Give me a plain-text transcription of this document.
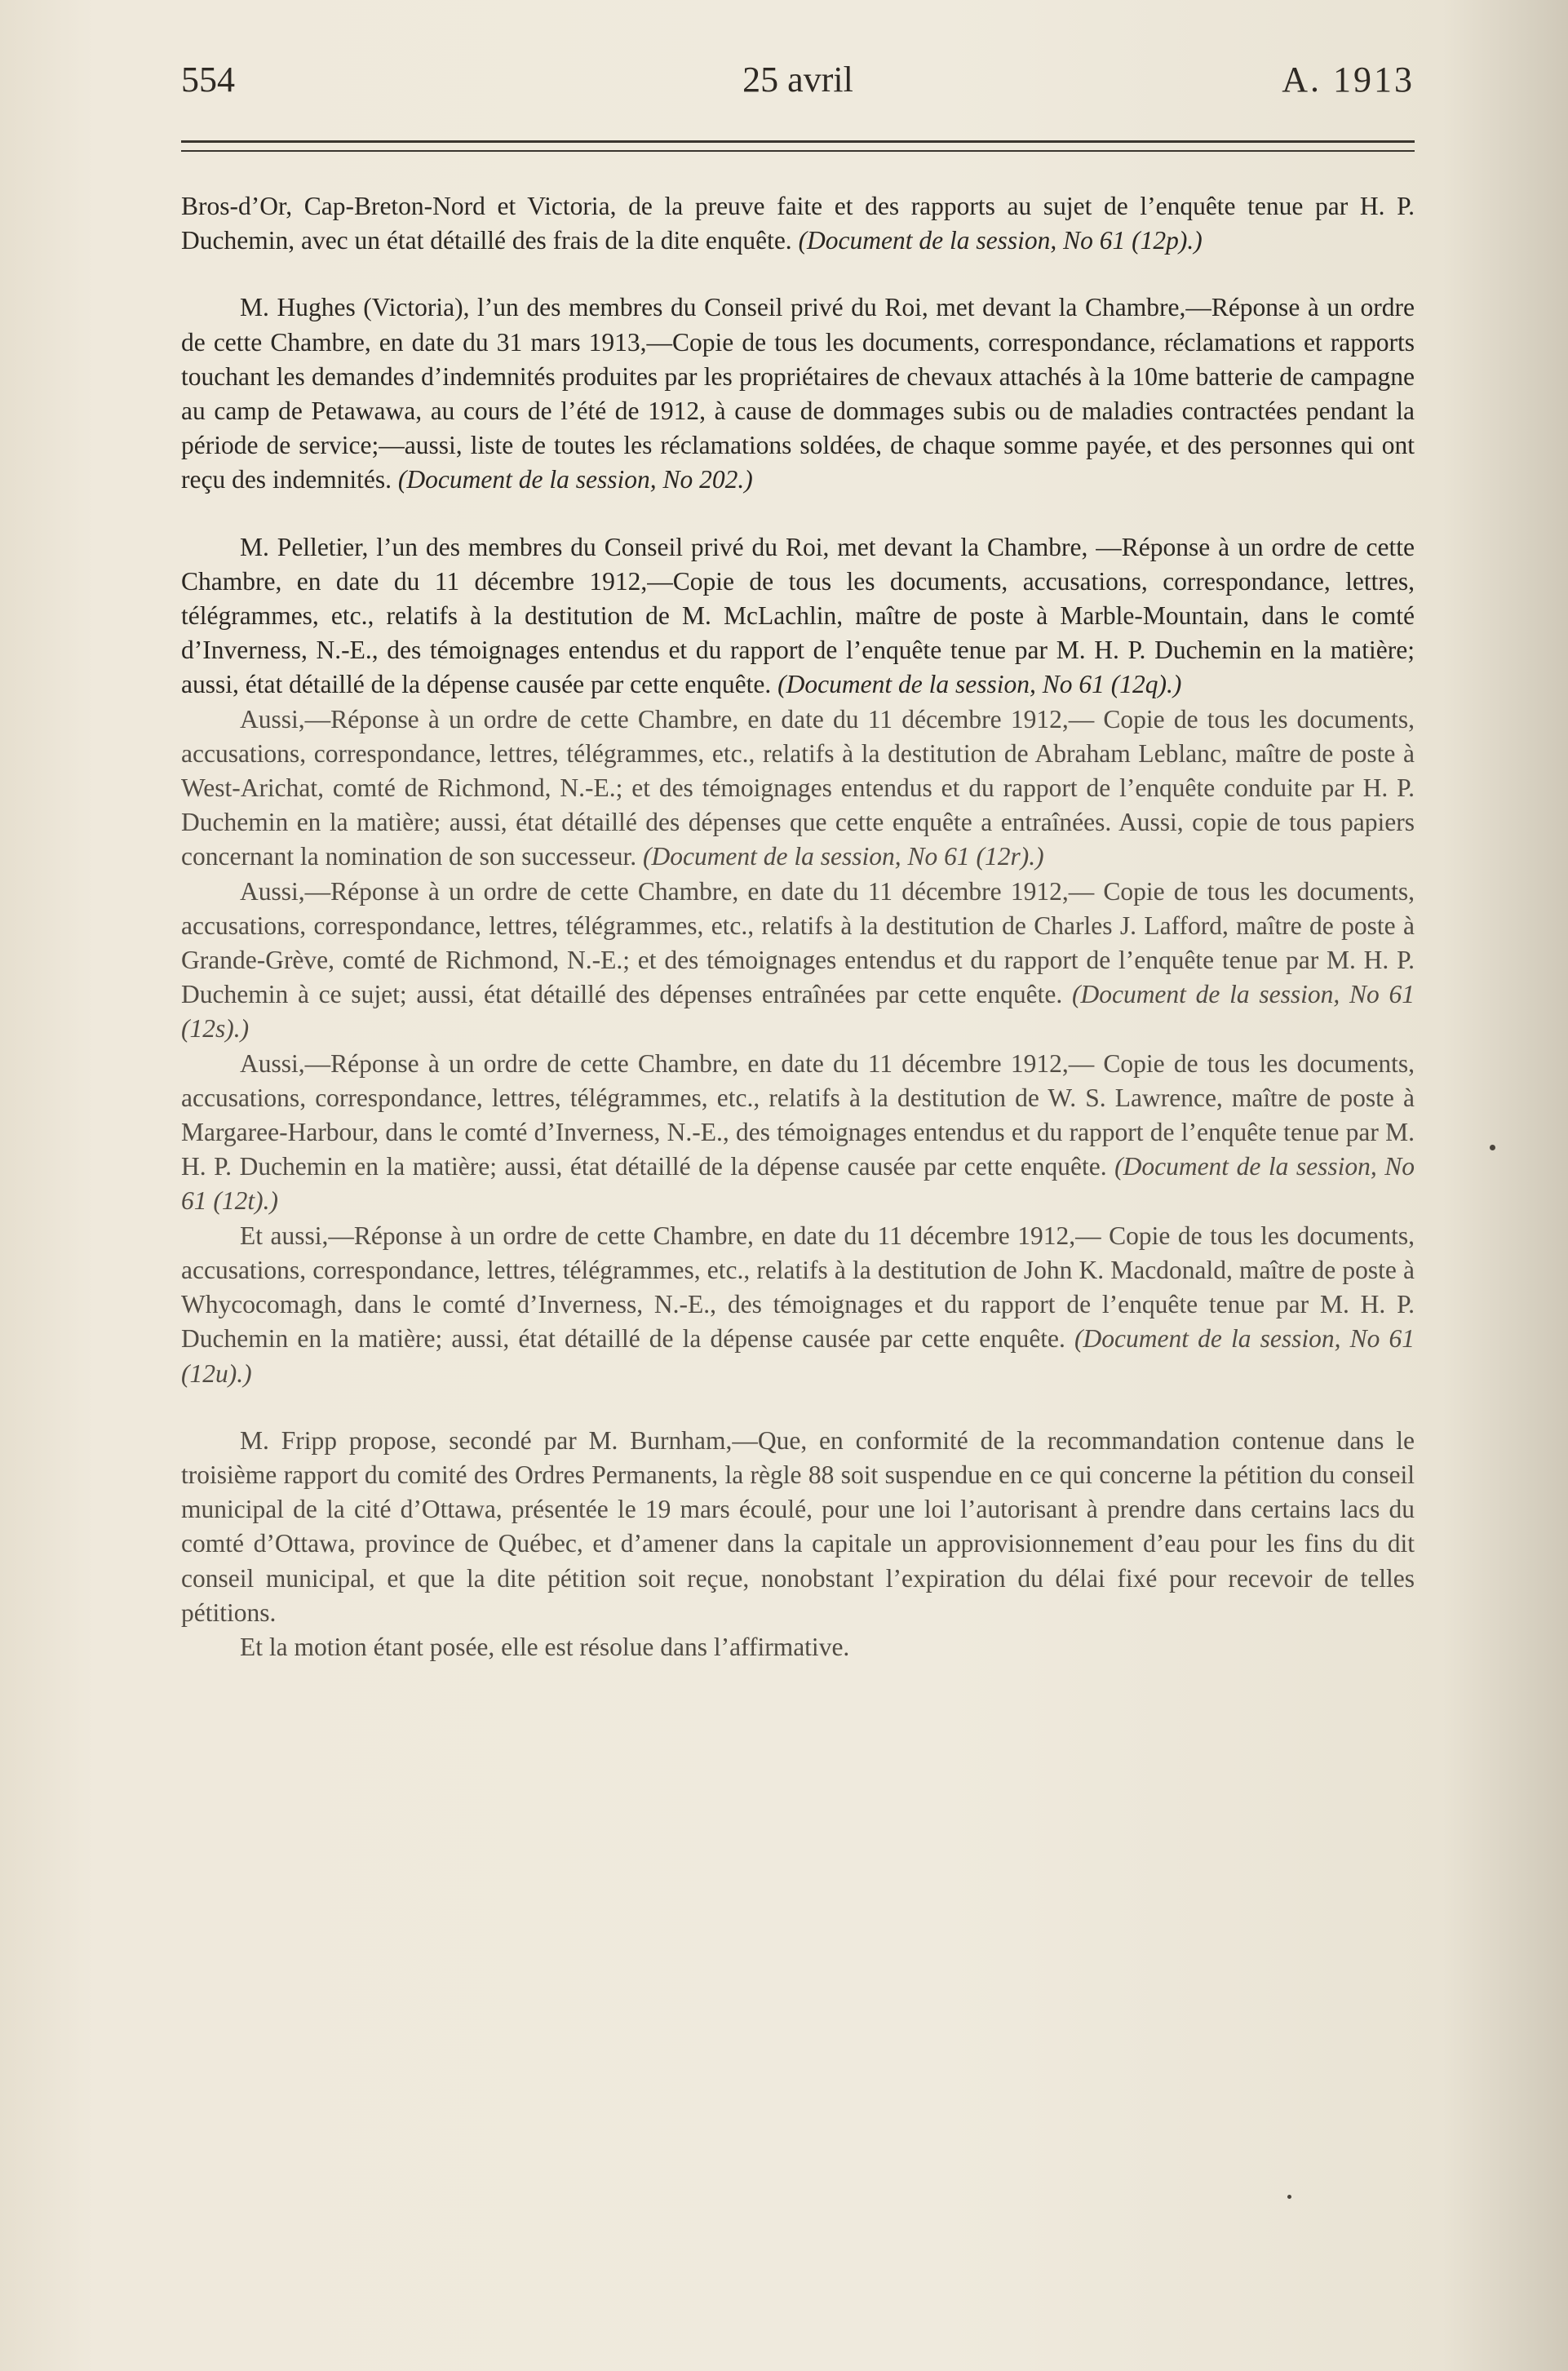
25 avril
554	A. 1913

Bros-d’Or, Cap-Breton-Nord et Victoria, de la preuve faite et des rapports au sujet de l’enquête tenue par H. P. Duchemin, avec un état détaillé des frais de la dite enquête. (Document de la session, No 61 (12p).)

M. Hughes (Victoria), l’un des membres du Conseil privé du Roi, met devant la Chambre,—Réponse à un ordre de cette Chambre, en date du 31 mars 1913,—Copie de tous les documents, correspondance, réclamations et rapports touchant les demandes d’indemnités produites par les propriétaires de chevaux attachés à la 10me batterie de campagne au camp de Petawawa, au cours de l’été de 1912, à cause de dommages subis ou de maladies contractées pendant la période de service;—aussi, liste de toutes les réclamations soldées, de chaque somme payée, et des personnes qui ont reçu des indemnités. (Document de la session, No 202.)

M. Pelletier, l’un des membres du Conseil privé du Roi, met devant la Chambre, —Réponse à un ordre de cette Chambre, en date du 11 décembre 1912,—Copie de tous les documents, accusations, correspondance, lettres, télégrammes, etc., relatifs à la destitution de M. McLachlin, maître de poste à Marble-Mountain, dans le comté d’Inverness, N.-E., des témoignages entendus et du rapport de l’enquête tenue par M. H. P. Duchemin en la matière; aussi, état détaillé de la dépense causée par cette enquête. (Document de la session, No 61 (12q).)

Aussi,—Réponse à un ordre de cette Chambre, en date du 11 décembre 1912,— Copie de tous les documents, accusations, correspondance, lettres, télégrammes, etc., relatifs à la destitution de Abraham Leblanc, maître de poste à West-Arichat, comté de Richmond, N.-E.; et des témoignages entendus et du rapport de l’enquête conduite par H. P. Duchemin en la matière; aussi, état détaillé des dépenses que cette enquête a entraînées. Aussi, copie de tous papiers concernant la nomination de son successeur. (Document de la session, No 61 (12r).)

Aussi,—Réponse à un ordre de cette Chambre, en date du 11 décembre 1912,— Copie de tous les documents, accusations, correspondance, lettres, télégrammes, etc., relatifs à la destitution de Charles J. Lafford, maître de poste à Grande-Grève, comté de Richmond, N.-E.; et des témoignages entendus et du rapport de l’enquête tenue par M. H. P. Duchemin à ce sujet; aussi, état détaillé des dépenses entraînées par cette enquête. (Document de la session, No 61 (12s).)

Aussi,—Réponse à un ordre de cette Chambre, en date du 11 décembre 1912,— Copie de tous les documents, accusations, correspondance, lettres, télégrammes, etc., relatifs à la destitution de W. S. Lawrence, maître de poste à Margaree-Harbour, dans le comté d’Inverness, N.-E., des témoignages entendus et du rapport de l’enquête tenue par M. H. P. Duchemin en la matière; aussi, état détaillé de la dépense causée par cette enquête. (Document de la session, No 61 (12t).)

Et aussi,—Réponse à un ordre de cette Chambre, en date du 11 décembre 1912,— Copie de tous les documents, accusations, correspondance, lettres, télégrammes, etc., relatifs à la destitution de John K. Macdonald, maître de poste à Whycocomagh, dans le comté d’Inverness, N.-E., des témoignages et du rapport de l’enquête tenue par M. H. P. Duchemin en la matière; aussi, état détaillé de la dépense causée par cette enquête. (Document de la session, No 61 (12u).)

M. Fripp propose, secondé par M. Burnham,—Que, en conformité de la recommandation contenue dans le troisième rapport du comité des Ordres Permanents, la règle 88 soit suspendue en ce qui concerne la pétition du conseil municipal de la cité d’Ottawa, présentée le 19 mars écoulé, pour une loi l’autorisant à prendre dans certains lacs du comté d’Ottawa, province de Québec, et d’amener dans la capitale un approvisionnement d’eau pour les fins du dit conseil municipal, et que la dite pétition soit reçue, nonobstant l’expiration du délai fixé pour recevoir de telles pétitions.

Et la motion étant posée, elle est résolue dans l’affirmative.
